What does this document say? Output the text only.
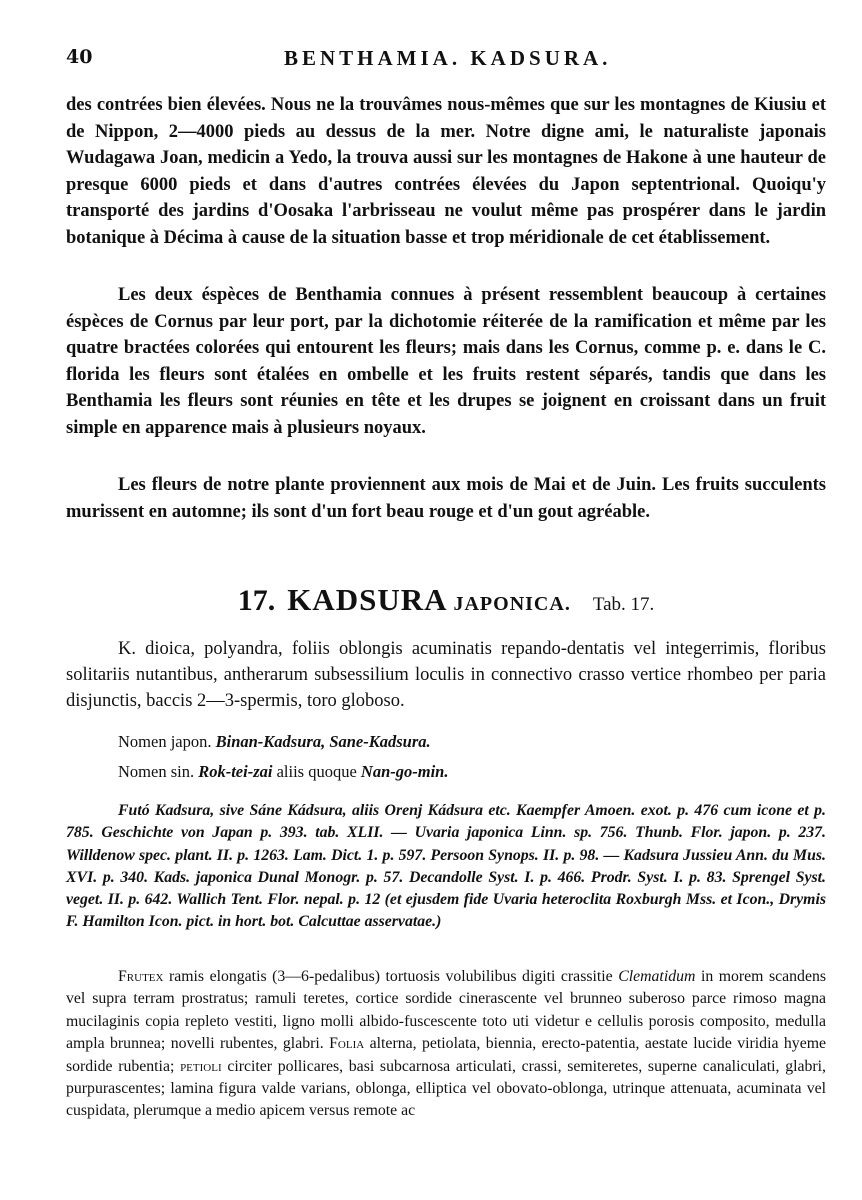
40	BENTHAMIA. KADSURA.

des contrées bien élevées. Nous ne la trouvâmes nous-mêmes que sur les montagnes de Kiusiu et de Nippon, 2—4000 pieds au dessus de la mer. Notre digne ami, le naturaliste japonais Wudagawa Joan, medicin a Yedo, la trouva aussi sur les montagnes de Hakone à une hauteur de presque 6000 pieds et dans d'autres contrées élevées du Japon septentrional. Quoiqu'y transporté des jardins d'Oosaka l'arbrisseau ne voulut même pas prospérer dans le jardin botanique à Décima à cause de la situation basse et trop méridionale de cet établissement.

Les deux éspèces de Benthamia connues à présent ressemblent beaucoup à certaines éspèces de Cornus par leur port, par la dichotomie réiterée de la ramification et même par les quatre bractées colorées qui entourent les fleurs; mais dans les Cornus, comme p. e. dans le C. florida les fleurs sont étalées en ombelle et les fruits restent séparés, tandis que dans les Benthamia les fleurs sont réunies en tête et les drupes se joignent en croissant dans un fruit simple en apparence mais à plusieurs noyaux.

Les fleurs de notre plante proviennent aux mois de Mai et de Juin. Les fruits succulents murissent en automne; ils sont d'un fort beau rouge et d'un gout agréable.

17. KADSURA JAPONICA. Tab. 17.

K. dioica, polyandra, foliis oblongis acuminatis repando-dentatis vel integerrimis, floribus solitariis nutantibus, antherarum subsessilium loculis in connectivo crasso vertice rhombeo per paria disjunctis, baccis 2—3-spermis, toro globoso.

Nomen japon. Binan-Kadsura, Sane-Kadsura.
Nomen sin. Rok-tei-zai aliis quoque Nan-go-min.

Futó Kadsura, sive Sáne Kádsura, aliis Orenj Kádsura etc. Kaempfer Amoen. exot. p. 476 cum icone et p. 785. Geschichte von Japan p. 393. tab. XLII. — Uvaria japonica Linn. sp. 756. Thunb. Flor. japon. p. 237. Willdenow spec. plant. II. p. 1263. Lam. Dict. 1. p. 597. Persoon Synops. II. p. 98. — Kadsura Jussieu Ann. du Mus. XVI. p. 340. Kads. japonica Dunal Monogr. p. 57. Decandolle Syst. I. p. 466. Prodr. Syst. I. p. 83. Sprengel Syst. veget. II. p. 642. Wallich Tent. Flor. nepal. p. 12 (et ejusdem fide Uvaria heteroclita Roxburgh Mss. et Icon., Drymis F. Hamilton Icon. pict. in hort. bot. Calcuttae asservatae.)

Frutex ramis elongatis (3—6-pedalibus) tortuosis volubilibus digiti crassitie Clematidum in morem scandens vel supra terram prostratus; ramuli teretes, cortice sordide cinerascente vel brunneo suberoso parce rimoso magna mucilaginis copia repleto vestiti, ligno molli albido-fuscescente toto uti videtur e cellulis porosis composito, medulla ampla brunnea; novelli rubentes, glabri. Folia alterna, petiolata, biennia, erecto-patentia, aestate lucide viridia hyeme sordide rubentia; petioli circiter pollicares, basi subcarnosa articulati, crassi, semiteretes, superne canaliculati, glabri, purpurascentes; lamina figura valde varians, oblonga, elliptica vel obovato-oblonga, utrinque attenuata, acuminata vel cuspidata, plerumque a medio apicem versus remote ac
